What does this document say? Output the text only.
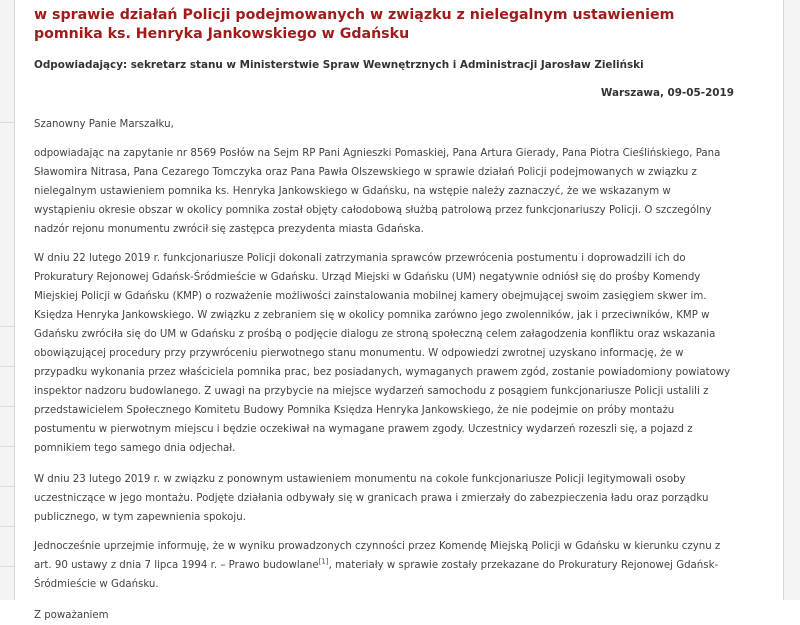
w sprawie działań Policji podejmowanych w związku z nielegalnym ustawieniem pomnika ks. Henryka Jankowskiego w Gdańsku
Odpowiadający: sekretarz stanu w Ministerstwie Spraw Wewnętrznych i Administracji Jarosław Zieliński
Warszawa, 09-05-2019

Szanowny Panie Marszałku,

odpowiadając na zapytanie nr 8569 Posłów na Sejm RP Pani Agnieszki Pomaskiej, Pana Artura Gierady, Pana Piotra Cieślińskiego, Pana Sławomira Nitrasa, Pana Cezarego Tomczyka oraz Pana Pawła Olszewskiego w sprawie działań Policji podejmowanych w związku z nielegalnym ustawieniem pomnika ks. Henryka Jankowskiego w Gdańsku, na wstępie należy zaznaczyć, że we wskazanym w wystąpieniu okresie obszar w okolicy pomnika został objęty całodobową służbą patrolową przez funkcjonariuszy Policji. O szczególny nadzór rejonu monumentu zwrócił się zastępca prezydenta miasta Gdańska.

W dniu 22 lutego 2019 r. funkcjonariusze Policji dokonali zatrzymania sprawców przewrócenia postumentu i doprowadzili ich do Prokuratury Rejonowej Gdańsk-Śródmieście w Gdańsku. Urząd Miejski w Gdańsku (UM) negatywnie odniósł się do prośby Komendy Miejskiej Policji w Gdańsku (KMP) o rozważenie możliwości zainstalowania mobilnej kamery obejmującej swoim zasięgiem skwer im. Księdza Henryka Jankowskiego. W związku z zebraniem się w okolicy pomnika zarówno jego zwolenników, jak i przeciwników, KMP w Gdańsku zwróciła się do UM w Gdańsku z prośbą o podjęcie dialogu ze stroną społeczną celem załagodzenia konfliktu oraz wskazania obowiązującej procedury przy przywróceniu pierwotnego stanu monumentu. W odpowiedzi zwrotnej uzyskano informację, że w przypadku wykonania przez właściciela pomnika prac, bez posiadanych, wymaganych prawem zgód, zostanie powiadomiony powiatowy inspektor nadzoru budowlanego. Z uwagi na przybycie na miejsce wydarzeń samochodu z posągiem funkcjonariusze Policji ustalili z przedstawicielem Społecznego Komitetu Budowy Pomnika Księdza Henryka Jankowskiego, że nie podejmie on próby montażu postumentu w pierwotnym miejscu i będzie oczekiwał na wymagane prawem zgody. Uczestnicy wydarzeń rozeszli się, a pojazd z pomnikiem tego samego dnia odjechał.

W dniu 23 lutego 2019 r. w związku z ponownym ustawieniem monumentu na cokole funkcjonariusze Policji legitymowali osoby uczestniczące w jego montażu. Podjęte działania odbywały się w granicach prawa i zmierzały do zabezpieczenia ładu oraz porządku publicznego, w tym zapewnienia spokoju.

Jednocześnie uprzejmie informuję, że w wyniku prowadzonych czynności przez Komendę Miejską Policji w Gdańsku w kierunku czynu z art. 90 ustawy z dnia 7 lipca 1994 r. – Prawo budowlane[1], materiały w sprawie zostały przekazane do Prokuratury Rejonowej Gdańsk-Śródmieście w Gdańsku.

Z poważaniem
